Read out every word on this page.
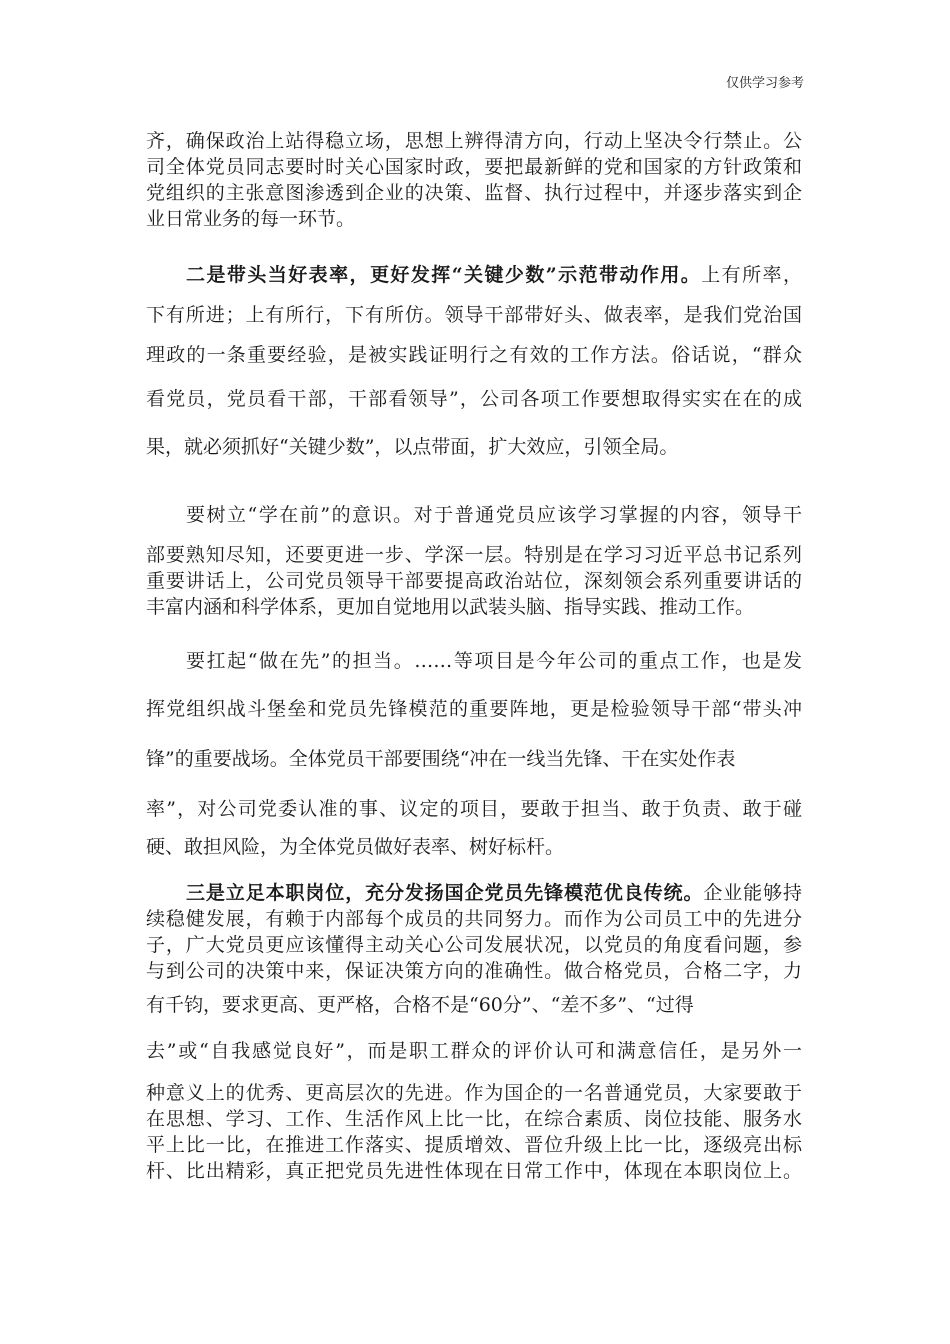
仅供学习参考
齐，确保政治上站得稳立场，思想上辨得清方向，行动上坚决令行禁止。公
司全体党员同志要时时关心国家时政，要把最新鲜的党和国家的方针政策和
党组织的主张意图渗透到企业的决策、监督、执行过程中，并逐步落实到企
业日常业务的每一环节。
二是带头当好表率，更好发挥“关键少数”示范带动作用。上有所率，
下有所进；上有所行，下有所仿。领导干部带好头、做表率，是我们党治国
理政的一条重要经验，是被实践证明行之有效的工作方法。俗话说，“群众
看党员，党员看干部，干部看领导”，公司各项工作要想取得实实在在的成
果，就必须抓好“关键少数”，以点带面，扩大效应，引领全局。
要树立“学在前”的意识。对于普通党员应该学习掌握的内容，领导干
部要熟知尽知，还要更进一步、学深一层。特别是在学习习近平总书记系列
重要讲话上，公司党员领导干部要提高政治站位，深刻领会系列重要讲话的
丰富内涵和科学体系，更加自觉地用以武装头脑、指导实践、推动工作。
要扛起“做在先”的担当。……等项目是今年公司的重点工作，也是发
挥党组织战斗堡垒和党员先锋模范的重要阵地，更是检验领导干部“带头冲
锋”的重要战场。全体党员干部要围绕“冲在一线当先锋、干在实处作表
率”，对公司党委认准的事、议定的项目，要敢于担当、敢于负责、敢于碰
硬、敢担风险，为全体党员做好表率、树好标杆。
三是立足本职岗位，充分发扬国企党员先锋模范优良传统。企业能够持
续稳健发展，有赖于内部每个成员的共同努力。而作为公司员工中的先进分
子，广大党员更应该懂得主动关心公司发展状况，以党员的角度看问题，参
与到公司的决策中来，保证决策方向的准确性。做合格党员，合格二字，力
有千钧，要求更高、更严格，合格不是“60分”、“差不多”、“过得
去”或“自我感觉良好”，而是职工群众的评价认可和满意信任，是另外一
种意义上的优秀、更高层次的先进。作为国企的一名普通党员，大家要敢于
在思想、学习、工作、生活作风上比一比，在综合素质、岗位技能、服务水
平上比一比，在推进工作落实、提质增效、晋位升级上比一比，逐级亮出标
杆、比出精彩，真正把党员先进性体现在日常工作中，体现在本职岗位上。
